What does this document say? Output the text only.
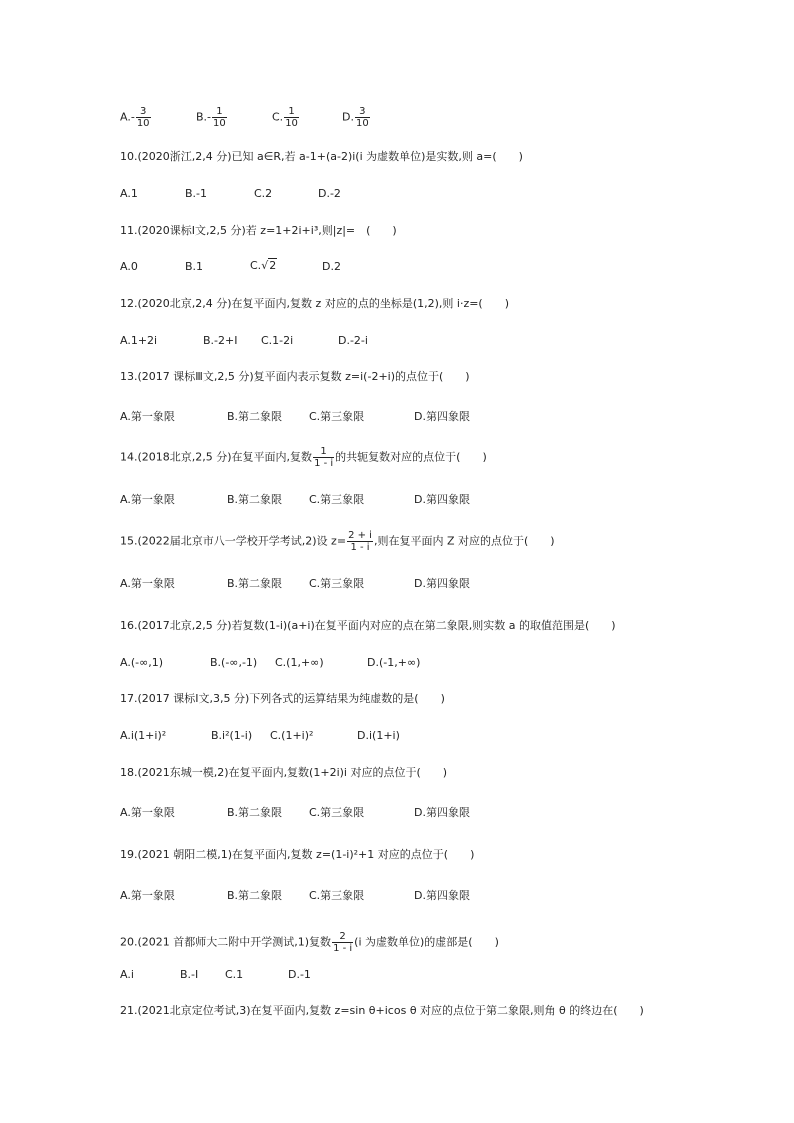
$A.- \frac{3}{10}$	$B.- \frac{1}{10}$	C. $\frac{1}{10}$	D. $\frac{3}{10}$
10.(2020浙江,2,4 分)已知 a∈R,若 a-1+(a-2)i(i 为虚数单位)是实数,则 a=(　　)
A.1	B.-1	C.2	D.-2
11.(2020课标Ⅰ文,2,5 分)若 z=1+2i+i³,则|z|=　(　　)
A.0	B.1	C.√2	D.2
12.(2020北京,2,4 分)在复平面内,复数 z 对应的点的坐标是(1,2),则 i·z=(　　)
A.1+2i	B.-2+I C.1-2i	D.-2-i
13.(2017 课标Ⅲ文,2,5 分)复平面内表示复数 z=i(-2+i)的点位于(　　)
A.第一象限	B.第二象限 C.第三象限	D.第四象限
14.(2018北京,2,5 分)在复平面内,复数 $\frac{1}{1 - i}$ 的共轭复数对应的点位于(　　)
A.第一象限	B.第二象限 C.第三象限	D.第四象限
15.(2022届北京市八一学校开学考试,2)设 $z= \frac{2 + i}{1 - i}$ ,则在复平面内 Z 对应的点位于(　　)
A.第一象限	B.第二象限 C.第三象限	D.第四象限
16.(2017北京,2,5 分)若复数(1-i)(a+i)在复平面内对应的点在第二象限,则实数 a 的取值范围是(　　)
A.(-∞,1)	B.(-∞,-1) C.(1,+∞)	D.(-1,+∞)
17.(2017 课标Ⅰ文,3,5 分)下列各式的运算结果为纯虚数的是(　　)
A.i(1+i)²	B.i²(1-i) C.(1+i)²	D.i(1+i)
18.(2021东城一模,2)在复平面内,复数(1+2i)i 对应的点位于(　　)
A.第一象限	B.第二象限 C.第三象限	D.第四象限
19.(2021 朝阳二模,1)在复平面内,复数 z=(1-i)²+1 对应的点位于(　　)
A.第一象限	B.第二象限 C.第三象限	D.第四象限
20.(2021 首都师大二附中开学测试,1)复数 $\frac{2}{1 - i} (i$ 为虚数单位)的虚部是(　　)
A.i	B.-I C.1	D.-1
21.(2021北京定位考试,3)在复平面内,复数 z=sin θ+icos θ 对应的点位于第二象限,则角 θ 的终边在(　　)
